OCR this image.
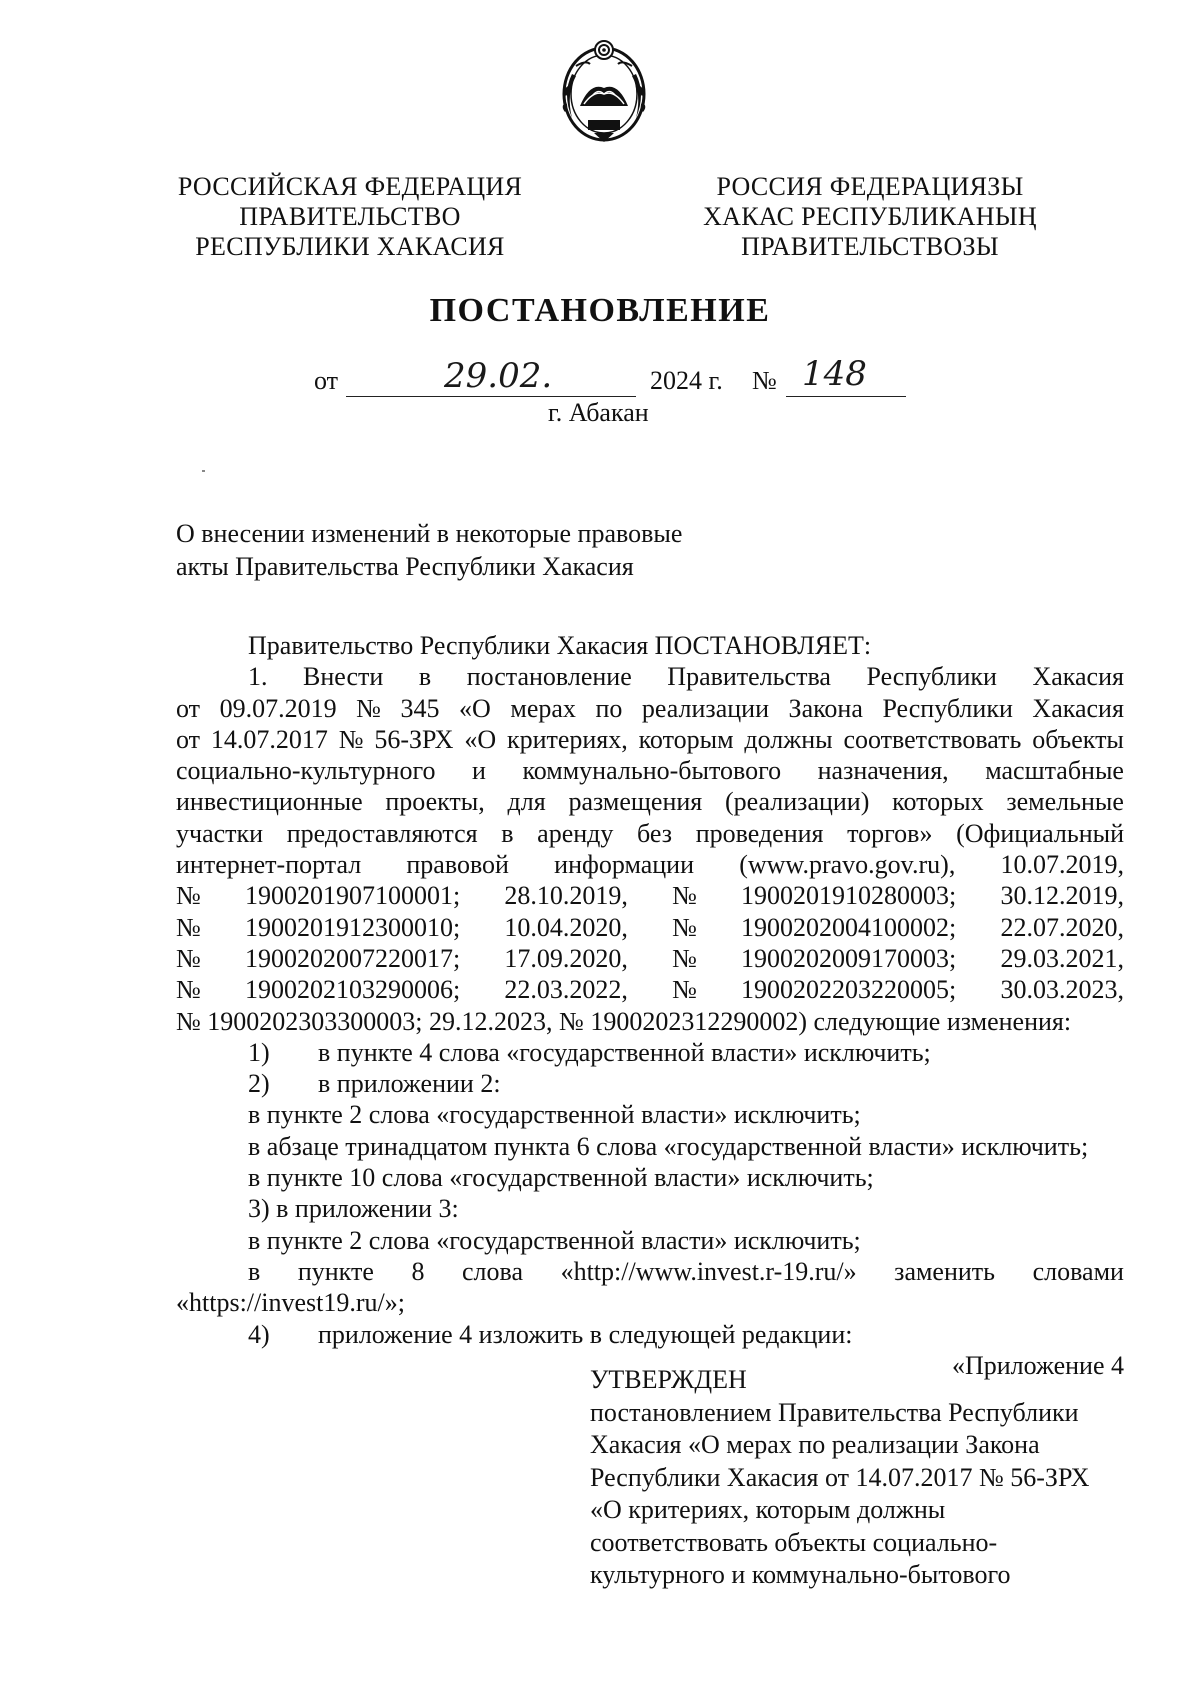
РОССИЙСКАЯ ФЕДЕРАЦИЯ
ПРАВИТЕЛЬСТВО
РЕСПУБЛИКИ ХАКАСИЯ
РОССИЯ ФЕДЕРАЦИЯЗЫ
ХАКАС РЕСПУБЛИКАНЫҢ
ПРАВИТЕЛЬСТВОЗЫ
ПОСТАНОВЛЕНИЕ
от	29.02.	2024 г. № 148
г. Абакан
О внесении изменений в некоторые правовые
акты Правительства Республики Хакасия
Правительство Республики Хакасия ПОСТАНОВЛЯЕТ:
1. Внести в постановление Правительства Республики Хакасия
от 09.07.2019 № 345 «О мерах по реализации Закона Республики Хакасия
от 14.07.2017 № 56-ЗРХ «О критериях, которым должны соответствовать объекты
социально-культурного и коммунально-бытового назначения, масштабные
инвестиционные проекты, для размещения (реализации) которых земельные
участки предоставляются в аренду без проведения торгов» (Официальный
интернет-портал правовой информации (www.pravo.gov.ru), 10.07.2019,
№ 1900201907100001; 28.10.2019, № 1900201910280003; 30.12.2019,
№ 1900201912300010; 10.04.2020, № 1900202004100002; 22.07.2020,
№ 1900202007220017; 17.09.2020, № 1900202009170003; 29.03.2021,
№ 1900202103290006; 22.03.2022, № 1900202203220005; 30.03.2023,
№ 1900202303300003; 29.12.2023, № 1900202312290002) следующие изменения:
1) в пункте 4 слова «государственной власти» исключить;
2) в приложении 2:
в пункте 2 слова «государственной власти» исключить;
в абзаце тринадцатом пункта 6 слова «государственной власти» исключить;
в пункте 10 слова «государственной власти» исключить;
3) в приложении 3:
в пункте 2 слова «государственной власти» исключить;
в пункте 8 слова «http://www.invest.r-19.ru/» заменить словами
«https://invest19.ru/»;
4) приложение 4 изложить в следующей редакции:
«Приложение 4
УТВЕРЖДЕН
постановлением Правительства Республики
Хакасия «О мерах по реализации Закона
Республики Хакасия от 14.07.2017 № 56-ЗРХ
«О критериях, которым должны
соответствовать объекты социально-
культурного и коммунально-бытового
